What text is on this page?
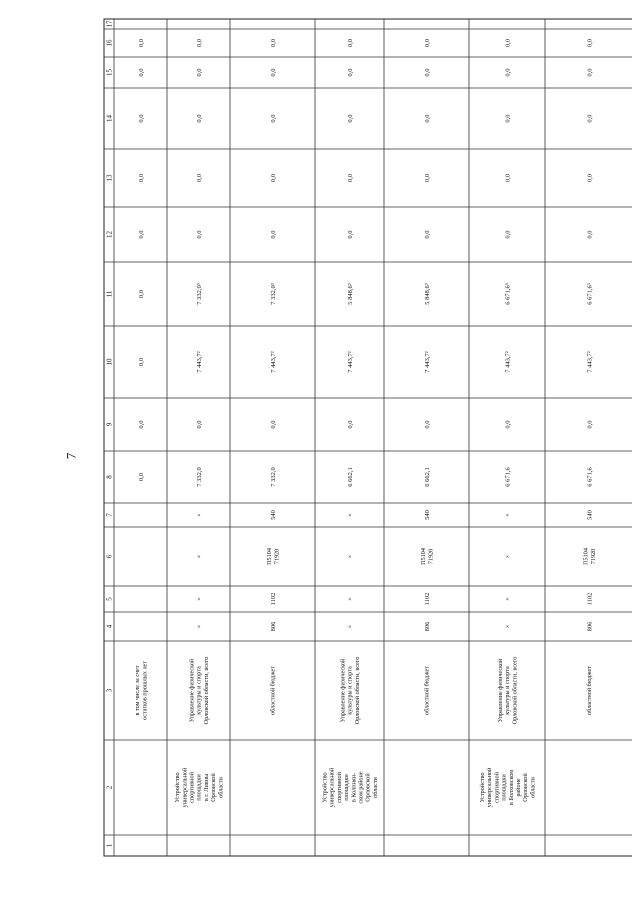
7
1
2
3
4
5
6
7
8
9
10
11
12
13
14
15
16
17
в том числе за счетостатков прошлых лет
0,0
0,0
0,0
0,0
0,0
0,0
0,0
0,0
0,0
Устройствоуниверсальнойспортивнойплощадкив г. ЛивныОрловскойобласти
Управление физическойкультуры и спортаОрловской области, всего
×
×
×
×
7 332,0
0,0
7 443,7²
7 332,0³
0,0
0,0
0,0
0,0
0,0
областной бюджет
806
1102
П510471920
540
7 332,0
0,0
7 443,7²
7 332,0³
0,0
0,0
0,0
0,0
0,0
Устройствоуниверсальнойспортивнойплощадкив Колпнян-ском районеОрловскойобласти
Управление физическойкультуры и спортаОрловской области, всего
×
×
×
×
6 662,1
0,0
7 443,7²
5 848,6³
0,0
0,0
0,0
0,0
0,0
областной бюджет
806
1102
П510471920
540
6 662,1
0,0
7 443,7²
5 848,6³
0,0
0,0
0,0
0,0
0,0
Устройствоуниверсальнойспортивнойплощадкив БолховскомрайонеОрловскойобласти
Управление физическойкультуры и спортаОрловской области, всего
×
×
×
×
6 671,6
0,0
7 443,7²
6 671,6³
0,0
0,0
0,0
0,0
0,0
областной бюджет
806
1102
П510471920
540
6 671,6
0,0
7 443,7²
6 671,6³
0,0
0,0
0,0
0,0
0,0
